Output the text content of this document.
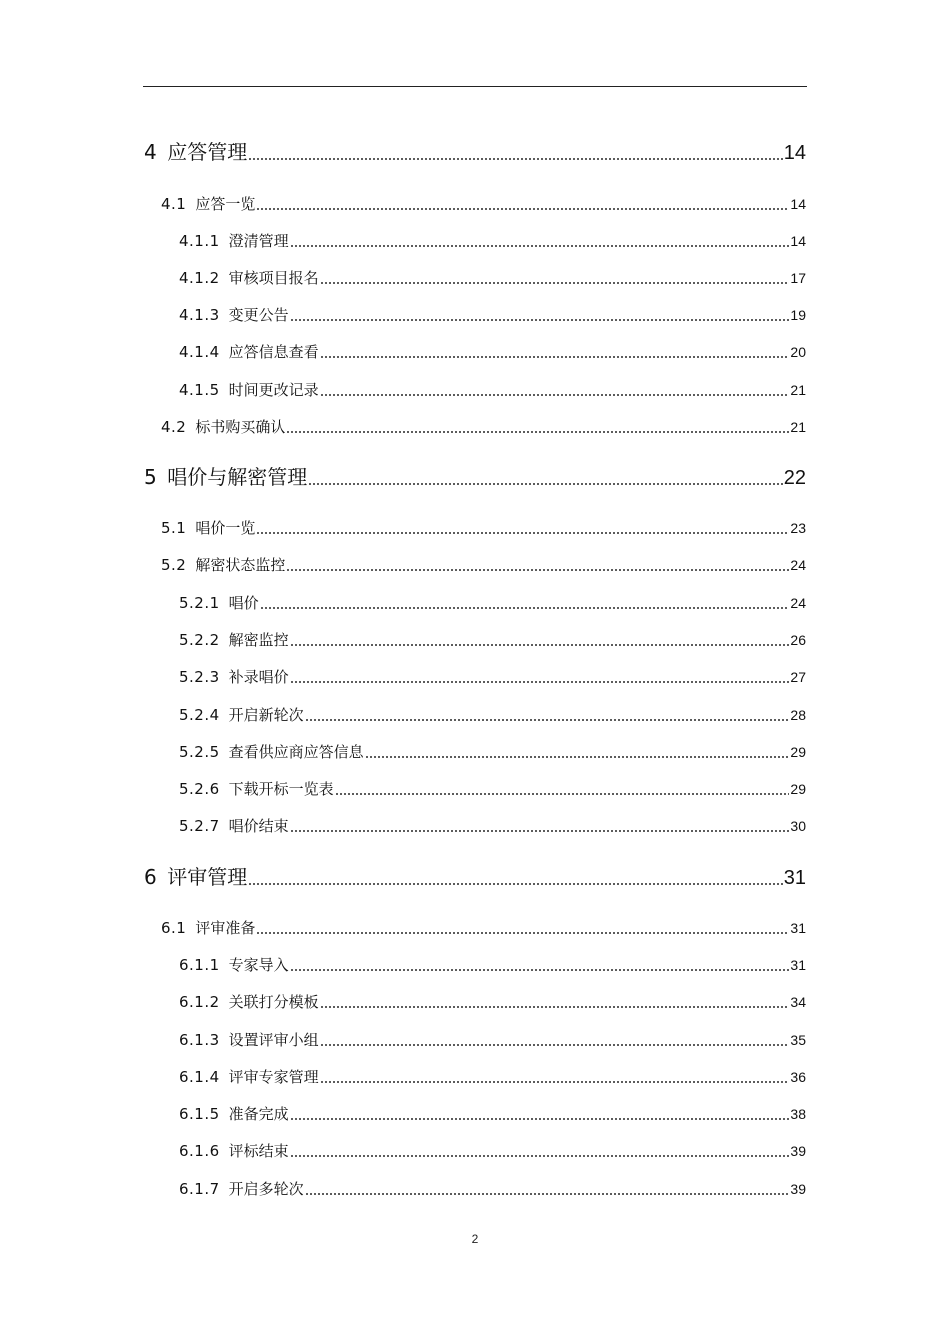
4 应答管理	14
4.1 应答一览	14
4.1.1 澄清管理	14
4.1.2 审核项目报名	17
4.1.3 变更公告	19
4.1.4 应答信息查看	20
4.1.5 时间更改记录	21
4.2 标书购买确认	21
5 唱价与解密管理	22
5.1 唱价一览	23
5.2 解密状态监控	24
5.2.1 唱价	24
5.2.2 解密监控	26
5.2.3 补录唱价	27
5.2.4 开启新轮次	28
5.2.5 查看供应商应答信息	29
5.2.6 下载开标一览表	29
5.2.7 唱价结束	30
6 评审管理	31
6.1 评审准备	31
6.1.1 专家导入	31
6.1.2 关联打分模板	34
6.1.3 设置评审小组	35
6.1.4 评审专家管理	36
6.1.5 准备完成	38
6.1.6 评标结束	39
6.1.7 开启多轮次	39
2
